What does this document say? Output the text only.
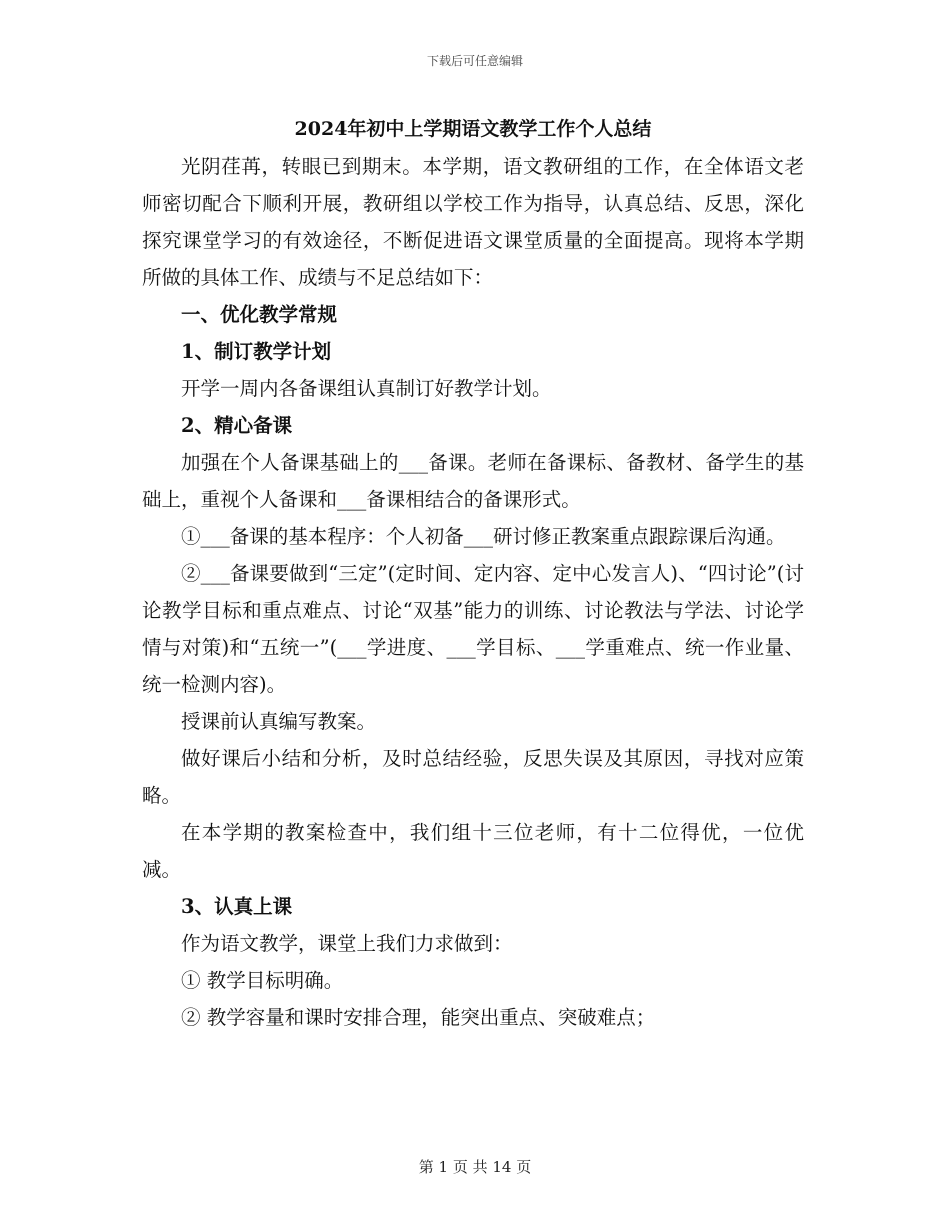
下载后可任意编辑
2024年初中上学期语文教学工作个人总结

光阴荏苒，转眼已到期末。本学期，语文教研组的工作，在全体语文老师密切配合下顺利开展，教研组以学校工作为指导，认真总结、反思，深化探究课堂学习的有效途径，不断促进语文课堂质量的全面提高。现将本学期所做的具体工作、成绩与不足总结如下：

一、优化教学常规

1、制订教学计划

开学一周内各备课组认真制订好教学计划。

2、精心备课

加强在个人备课基础上的___备课。老师在备课标、备教材、备学生的基础上，重视个人备课和___备课相结合的备课形式。

①___备课的基本程序：个人初备___研讨修正教案重点跟踪课后沟通。

②___备课要做到“三定”(定时间、定内容、定中心发言人)、“四讨论”(讨论教学目标和重点难点、讨论“双基”能力的训练、讨论教法与学法、讨论学情与对策)和“五统一”(___学进度、___学目标、___学重难点、统一作业量、统一检测内容)。

授课前认真编写教案。

做好课后小结和分析，及时总结经验，反思失误及其原因，寻找对应策略。

在本学期的教案检查中，我们组十三位老师，有十二位得优，一位优减。

3、认真上课

作为语文教学，课堂上我们力求做到：

① 教学目标明确。

② 教学容量和课时安排合理，能突出重点、突破难点；

第 1 页 共 14 页
